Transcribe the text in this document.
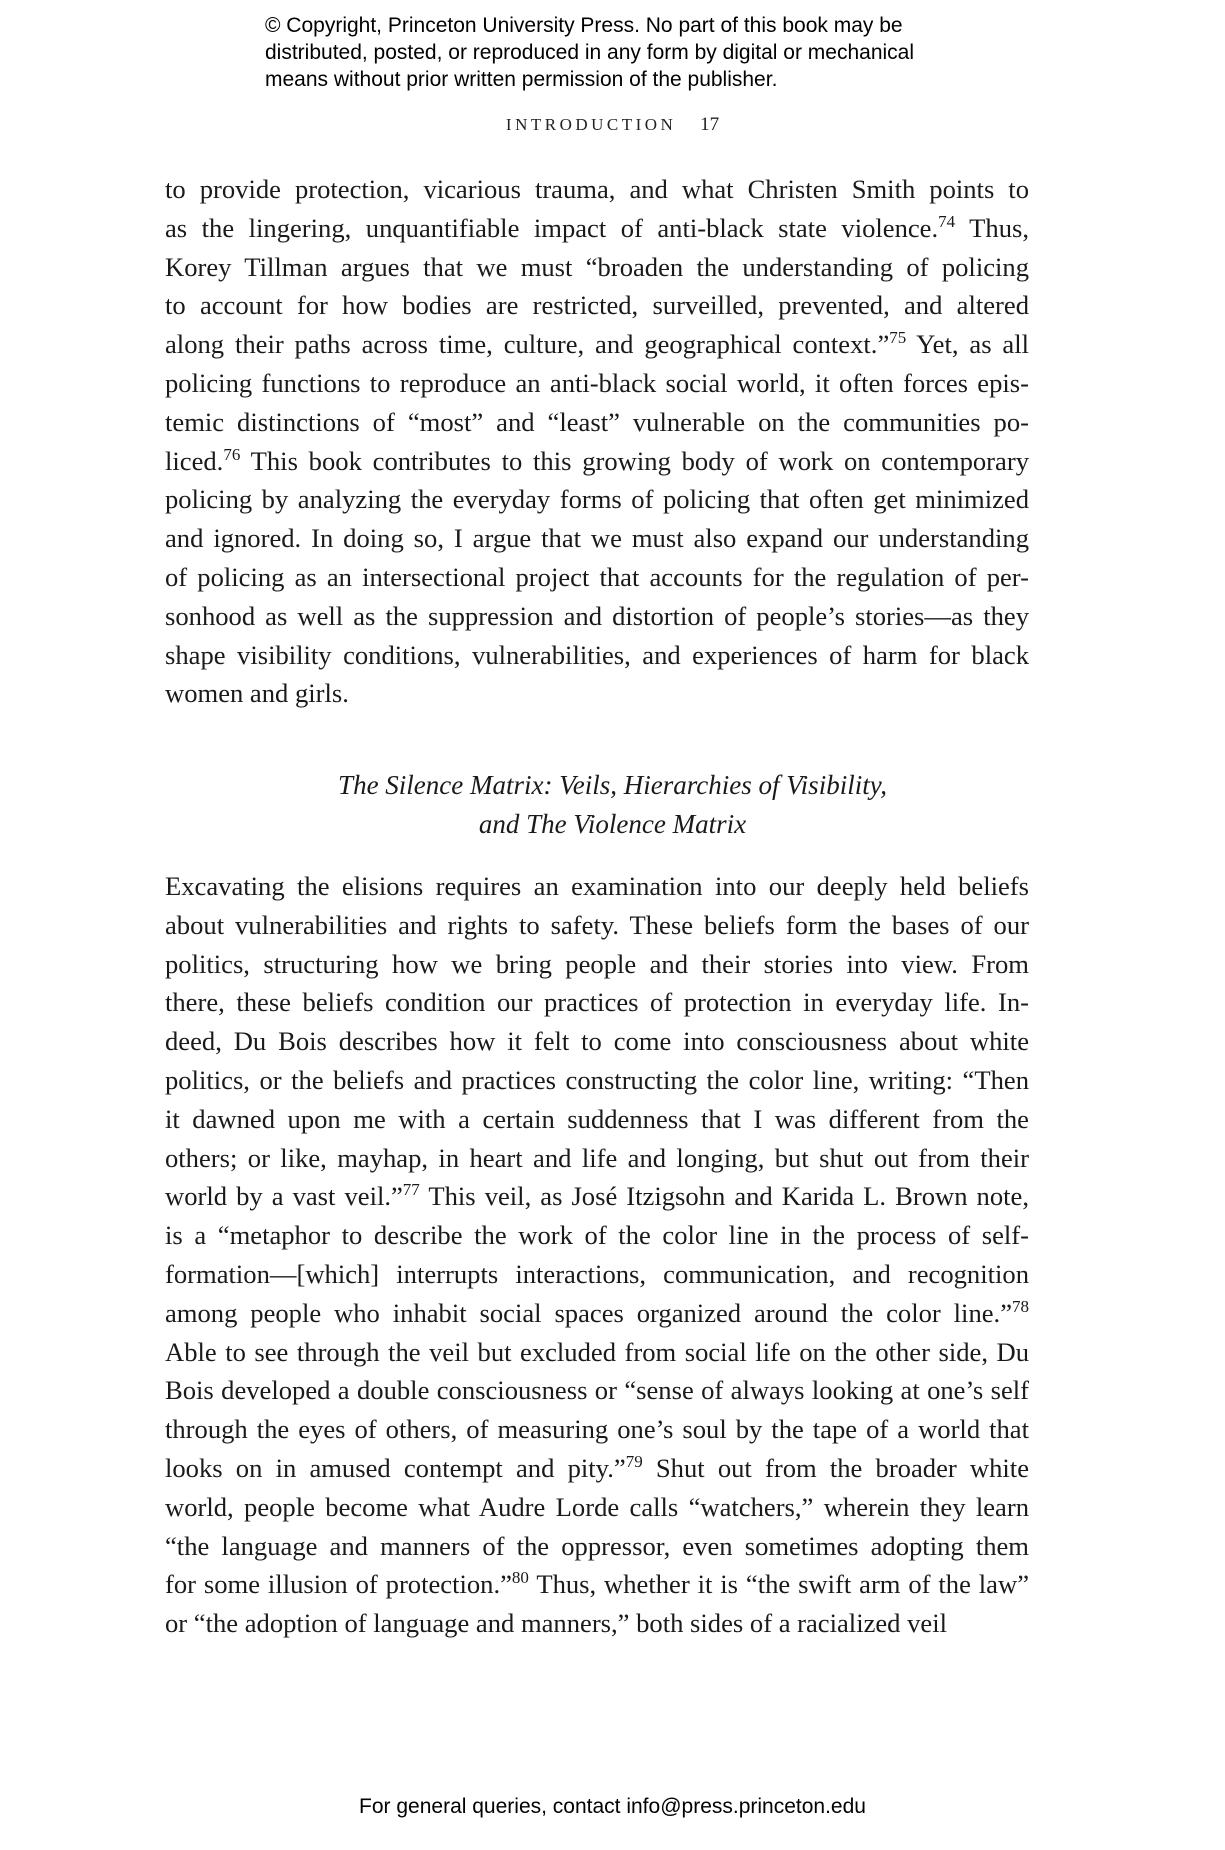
© Copyright, Princeton University Press. No part of this book may be
distributed, posted, or reproduced in any form by digital or mechanical
means without prior written permission of the publisher.
INTRODUCTION 17
to provide protection, vicarious trauma, and what Christen Smith points to
as the lingering, unquantifiable impact of anti-black state violence.$^{74}$ Thus,
Korey Tillman argues that we must “broaden the understanding of policing
to account for how bodies are restricted, surveilled, prevented, and altered
along their paths across time, culture, and geographical context.”$^{75}$ Yet, as all
policing functions to reproduce an anti-black social world, it often forces epis-
temic distinctions of “most” and “least” vulnerable on the communities po-
liced.$^{76}$ This book contributes to this growing body of work on contemporary
policing by analyzing the everyday forms of policing that often get minimized
and ignored. In doing so, I argue that we must also expand our understanding
of policing as an intersectional project that accounts for the regulation of per-
sonhood as well as the suppression and distortion of people’s stories—as they
shape visibility conditions, vulnerabilities, and experiences of harm for black
women and girls.
The Silence Matrix: Veils, Hierarchies of Visibility,
and The Violence Matrix
Excavating the elisions requires an examination into our deeply held beliefs
about vulnerabilities and rights to safety. These beliefs form the bases of our
politics, structuring how we bring people and their stories into view. From
there, these beliefs condition our practices of protection in everyday life. In-
deed, Du Bois describes how it felt to come into consciousness about white
politics, or the beliefs and practices constructing the color line, writing: “Then
it dawned upon me with a certain suddenness that I was different from the
others; or like, mayhap, in heart and life and longing, but shut out from their
world by a vast veil.”$^{77}$ This veil, as José Itzigsohn and Karida L. Brown note,
is a “metaphor to describe the work of the color line in the process of self-
formation—[which] interrupts interactions, communication, and recognition
among people who inhabit social spaces organized around the color line.”$^{78}$
Able to see through the veil but excluded from social life on the other side, Du
Bois developed a double consciousness or “sense of always looking at one’s self
through the eyes of others, of measuring one’s soul by the tape of a world that
looks on in amused contempt and pity.”$^{79}$ Shut out from the broader white
world, people become what Audre Lorde calls “watchers,” wherein they learn
“the language and manners of the oppressor, even sometimes adopting them
for some illusion of protection.”$^{80}$ Thus, whether it is “the swift arm of the law”
or “the adoption of language and manners,” both sides of a racialized veil
For general queries, contact info@press.princeton.edu
